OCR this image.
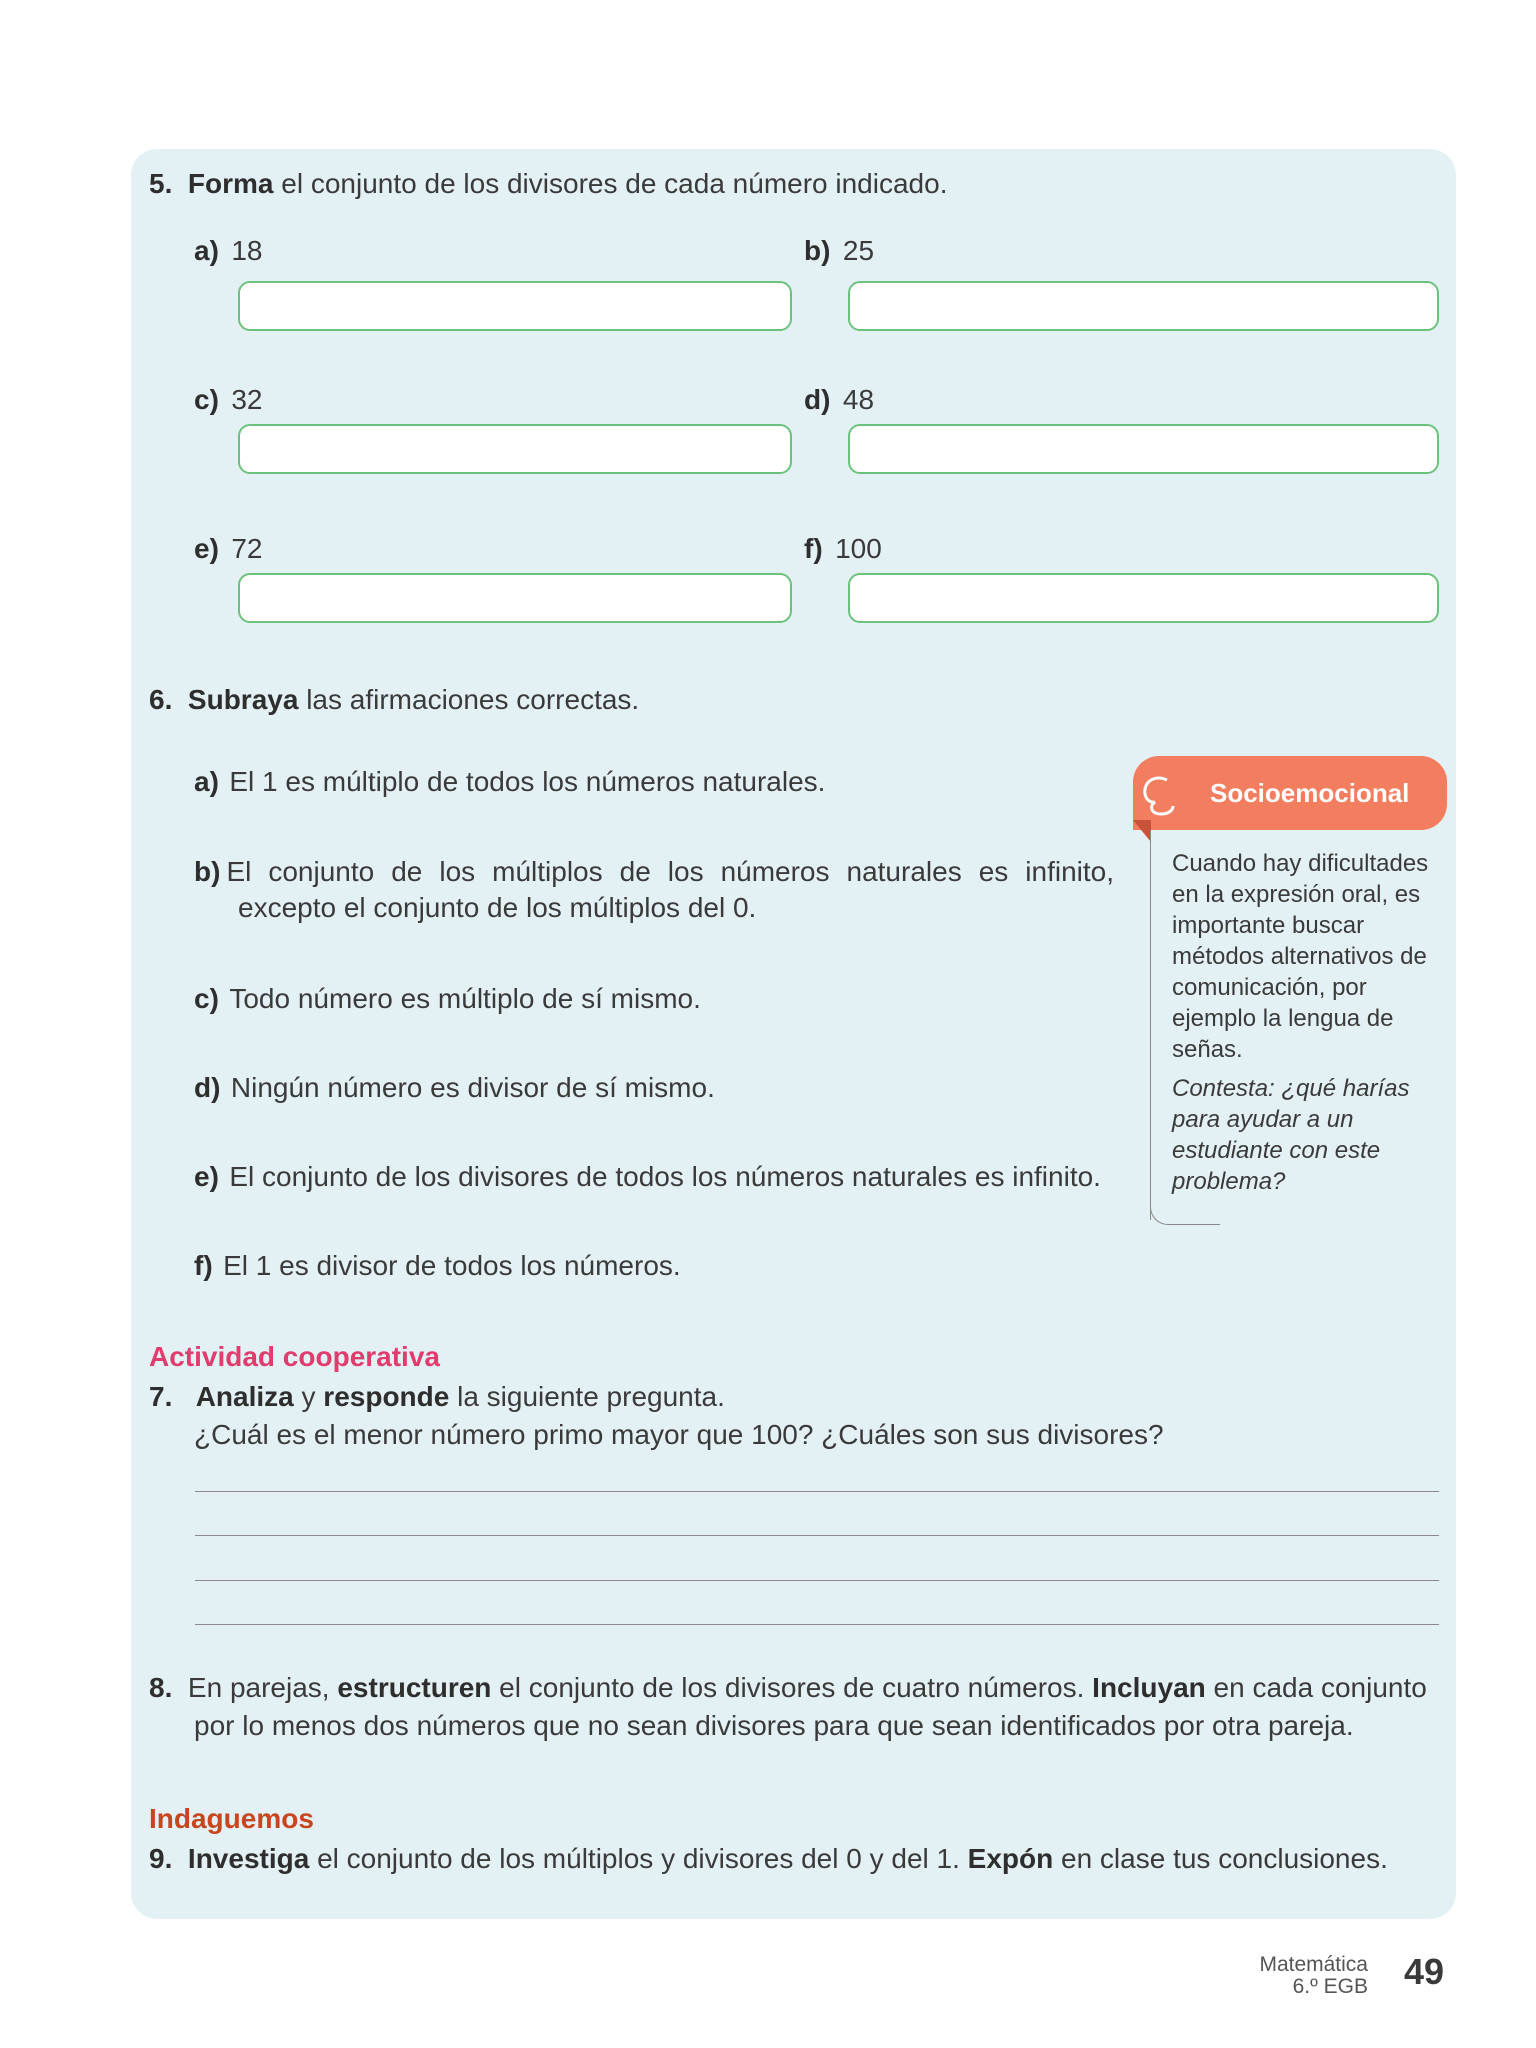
5. Forma el conjunto de los divisores de cada número indicado.
a) 18	b) 25
c) 32	d) 48
e) 72	f) 100
6. Subraya las afirmaciones correctas.
a) El 1 es múltiplo de todos los números naturales.
b) El conjunto de los múltiplos de los números naturales es infinito,
excepto el conjunto de los múltiplos del 0.
c) Todo número es múltiplo de sí mismo.
d) Ningún número es divisor de sí mismo.
e) El conjunto de los divisores de todos los números naturales es infinito.
f) El 1 es divisor de todos los números.
Socioemocional
Cuando hay dificultades en la expresión oral, es importante buscar métodos alternativos de comunicación, por ejemplo la lengua de señas.
Contesta: ¿qué harías para ayudar a un estudiante con este problema?
Actividad cooperativa
7. Analiza y responde la siguiente pregunta.
¿Cuál es el menor número primo mayor que 100? ¿Cuáles son sus divisores?
8. En parejas, estructuren el conjunto de los divisores de cuatro números. Incluyan en cada conjunto
por lo menos dos números que no sean divisores para que sean identificados por otra pareja.
Indaguemos
9. Investiga el conjunto de los múltiplos y divisores del 0 y del 1. Expón en clase tus conclusiones.
Matemática
6.º EGB 49
